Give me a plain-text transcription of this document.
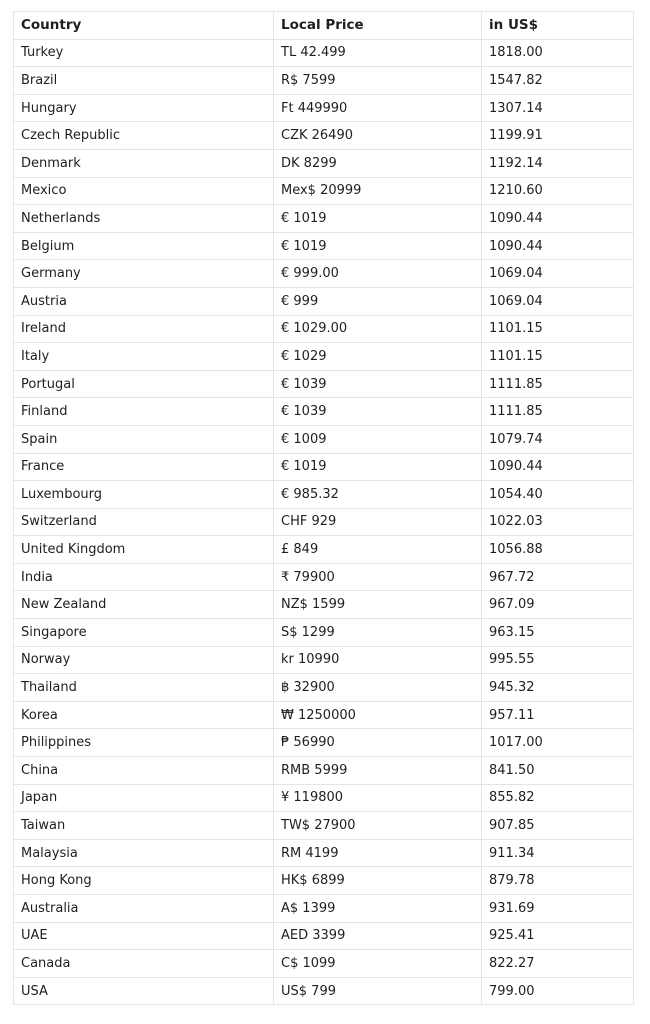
Country	Local Price	in US$
Turkey	TL 42.499	1818.00
Brazil	R$ 7599	1547.82
Hungary	Ft 449990	1307.14
Czech Republic	CZK 26490	1199.91
Denmark	DK 8299	1192.14
Mexico	Mex$ 20999	1210.60
Netherlands	€ 1019	1090.44
Belgium	€ 1019	1090.44
Germany	€ 999.00	1069.04
Austria	€ 999	1069.04
Ireland	€ 1029.00	1101.15
Italy	€ 1029	1101.15
Portugal	€ 1039	1111.85
Finland	€ 1039	1111.85
Spain	€ 1009	1079.74
France	€ 1019	1090.44
Luxembourg	€ 985.32	1054.40
Switzerland	CHF 929	1022.03
United Kingdom	£ 849	1056.88
India	₹ 79900	967.72
New Zealand	NZ$ 1599	967.09
Singapore	S$ 1299	963.15
Norway	kr 10990	995.55
Thailand	฿ 32900	945.32
Korea	₩ 1250000	957.11
Philippines	₱ 56990	1017.00
China	RMB 5999	841.50
Japan	¥ 119800	855.82
Taiwan	TW$ 27900	907.85
Malaysia	RM 4199	911.34
Hong Kong	HK$ 6899	879.78
Australia	A$ 1399	931.69
UAE	AED 3399	925.41
Canada	C$ 1099	822.27
USA	US$ 799	799.00
